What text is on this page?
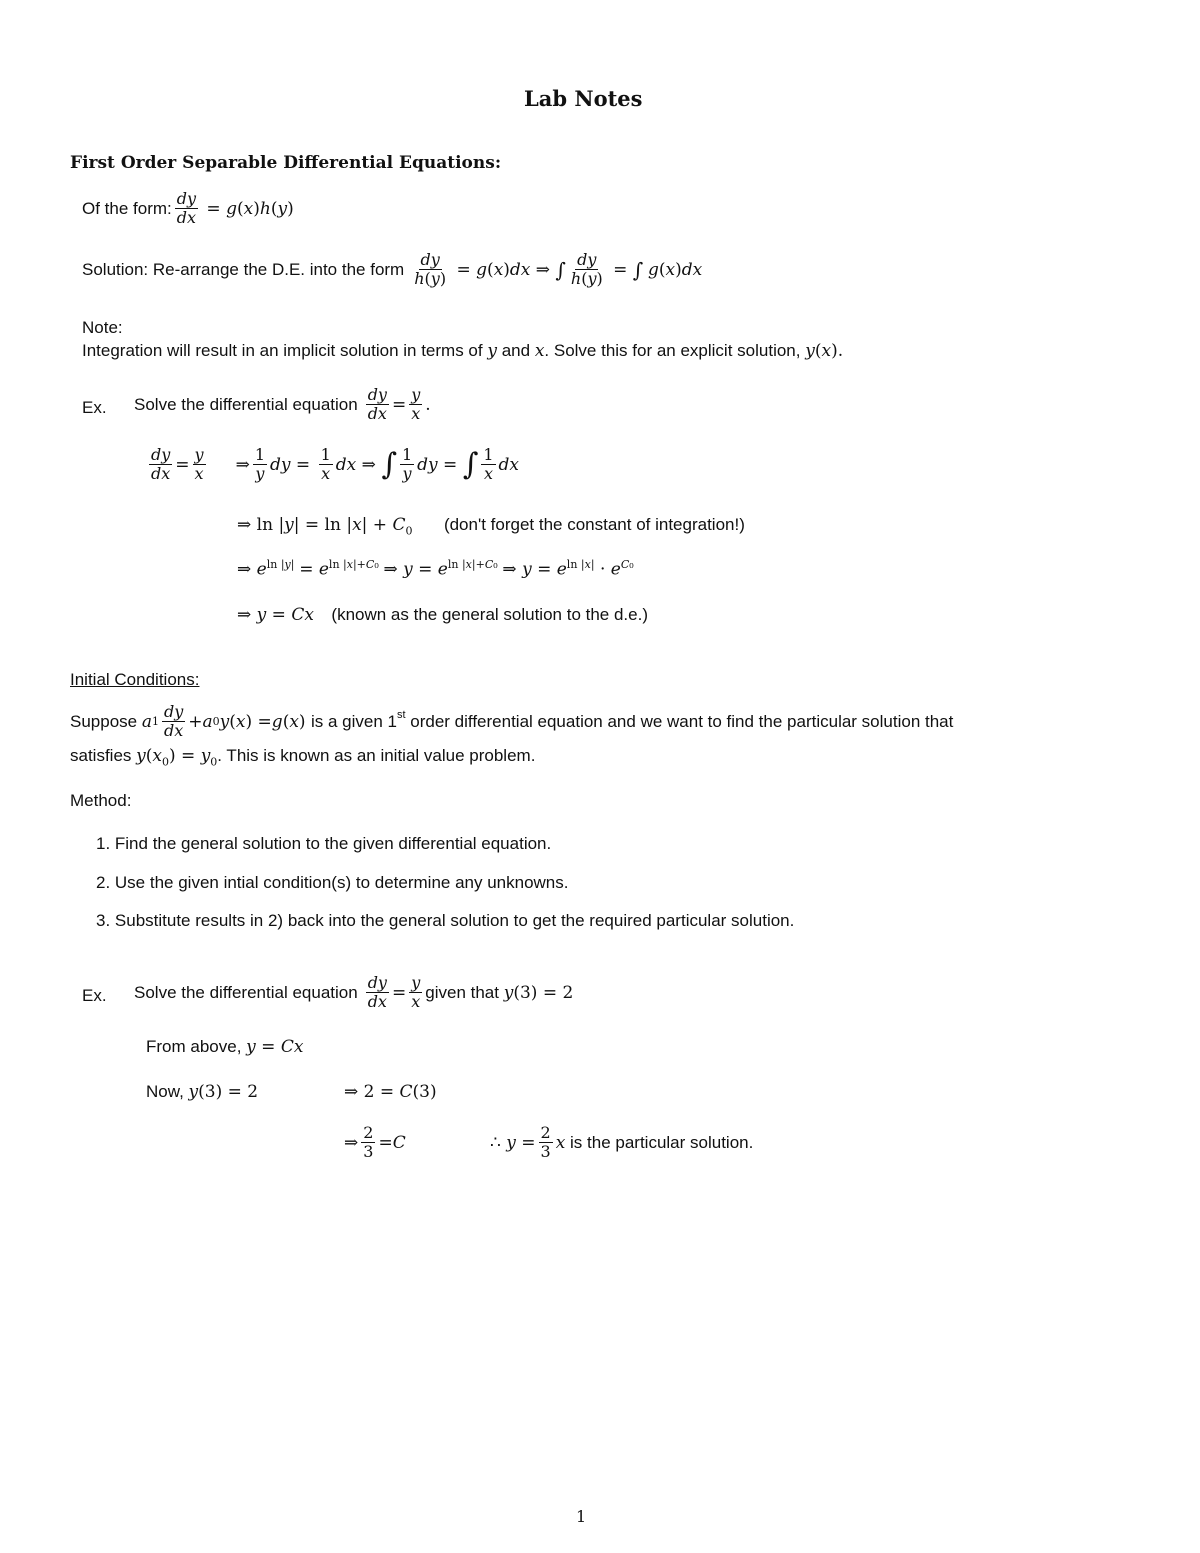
Lab Notes
First Order Separable Differential Equations:
Of the form: $\frac{dy}{dx} = g$ ( x ) h ( y )
Solution: Re-arrange the D.E. into the form $\frac{dy}{h(y)} = g$ ( x ) dx ⇒ ∫ $\frac{dy}{h(y)}$ = ∫
g ( x ) dx
Note:
Integration will result in an implicit solution in terms of y and x. Solve this for an explicit solution, y(x).
Ex. Solve the differential equation $\frac{dy}{dx} = \frac{y}{x}$ .
$\frac{dy}{dx} = \frac{y}{x}$ ⇒ $\frac{1}{y}$ dy = $\frac{1}{x}$ dx ⇒ ∫ $\frac{1}{y}$ dy = ∫ $\frac{1}{x}$ dx
⇒ $\ln |y| = \ln |x| + C_0$ (don't forget the constant of integration!)
⇒ $e^{ln |y|} = e^{ln |x|+C_0}$ ⇒ $y = e^{ln |x|+C_0}$ ⇒ $y = e^{ln |x|} \cdot e^{C_0}$
⇒ y = Cx (known as the general solution to the d.e.)
Initial Conditions:
Suppose
a $1 \frac{dy}{dx} + a$ 0 y ( x ) = g ( x ) is a given 1st
order differential equation and we want to find the particular solution that
satisfies $y(x_0) = y_0$. This is known as an initial value problem.
Method:
1. Find the general solution to the given differential equation.
2. Use the given intial condition(s) to determine any unknowns.
3. Substitute results in 2) back into the general solution to get the required particular solution.
Ex. Solve the differential equation $\frac{dy}{dx} = \frac{y}{x}$ given that
y (3) = 2
From above, y = Cx
Now, y(3) = 2	⇒ 2 = C(3)
⇒ $\frac{2}{3} = C$	∴ $y = \frac{2}{3}$ x
is the particular solution.
1
